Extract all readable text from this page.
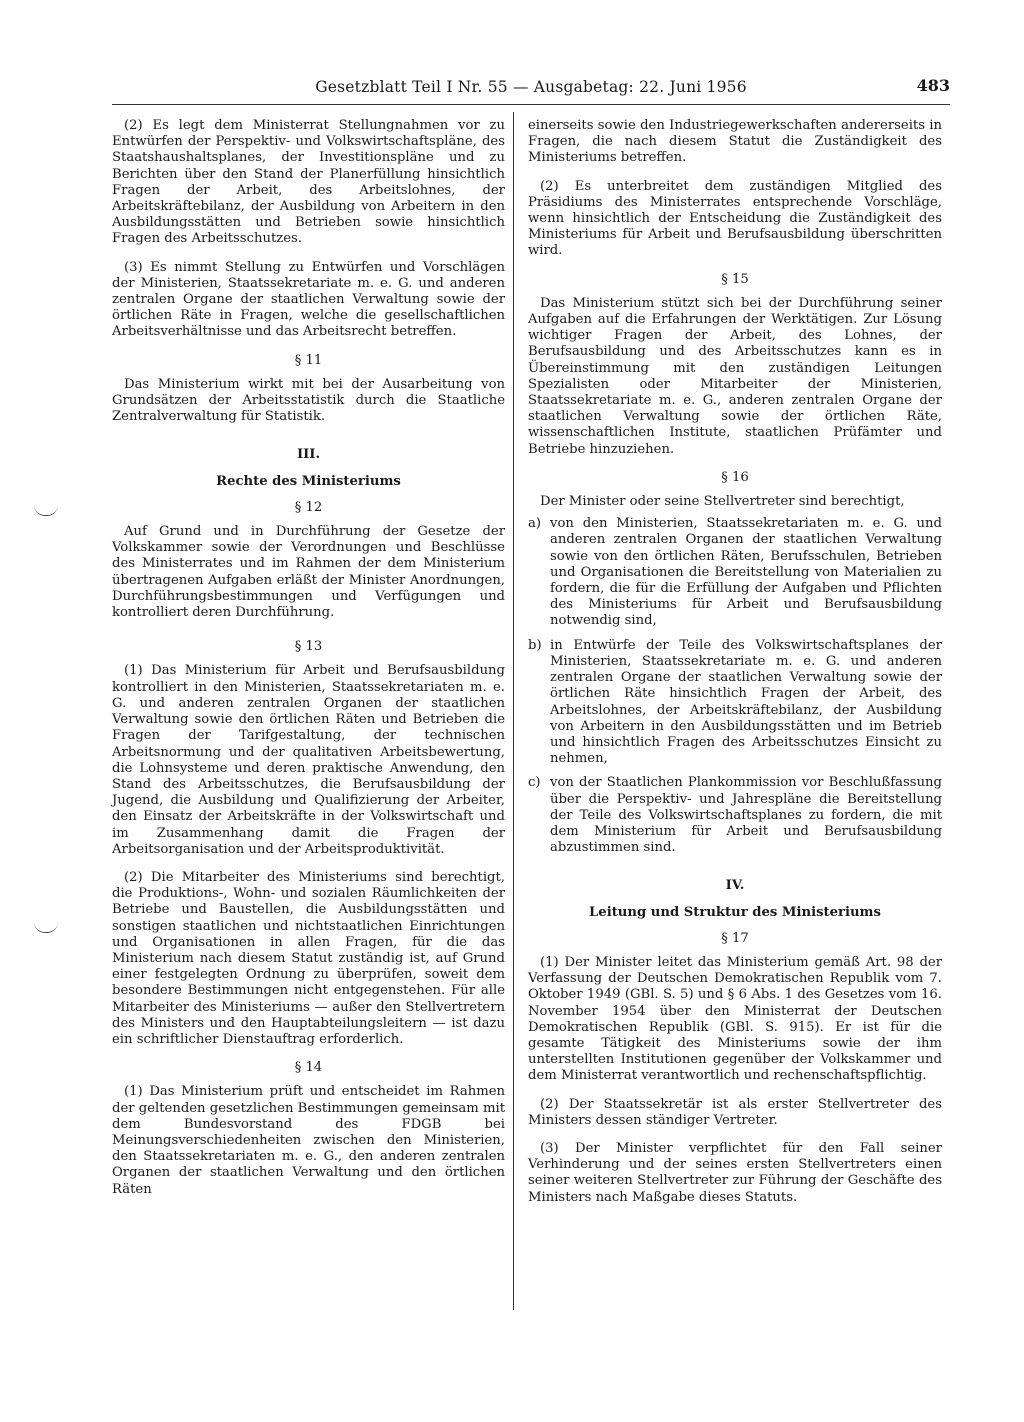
Gesetzblatt Teil I Nr. 55 — Ausgabetag: 22. Juni 1956	483

(2) Es legt dem Ministerrat Stellungnahmen vor zu Entwürfen der Perspektiv- und Volkswirtschaftspläne, des Staatshaushaltsplanes, der Investitionspläne und zu Berichten über den Stand der Planerfüllung hinsichtlich Fragen der Arbeit, des Arbeitslohnes, der Arbeitskräftebilanz, der Ausbildung von Arbeitern in den Ausbildungsstätten und Betrieben sowie hinsichtlich Fragen des Arbeitsschutzes.

(3) Es nimmt Stellung zu Entwürfen und Vorschlägen der Ministerien, Staatssekretariate m. e. G. und anderen zentralen Organe der staatlichen Verwaltung sowie der örtlichen Räte in Fragen, welche die gesellschaftlichen Arbeitsverhältnisse und das Arbeitsrecht betreffen.

§ 11

Das Ministerium wirkt mit bei der Ausarbeitung von Grundsätzen der Arbeitsstatistik durch die Staatliche Zentralverwaltung für Statistik.

III.
Rechte des Ministeriums
§ 12

Auf Grund und in Durchführung der Gesetze der Volkskammer sowie der Verordnungen und Beschlüsse des Ministerrates und im Rahmen der dem Ministerium übertragenen Aufgaben erläßt der Minister Anordnungen, Durchführungsbestimmungen und Verfügungen und kontrolliert deren Durchführung.

§ 13

(1) Das Ministerium für Arbeit und Berufsausbildung kontrolliert in den Ministerien, Staatssekretariaten m. e. G. und anderen zentralen Organen der staatlichen Verwaltung sowie den örtlichen Räten und Betrieben die Fragen der Tarifgestaltung, der technischen Arbeitsnormung und der qualitativen Arbeitsbewertung, die Lohnsysteme und deren praktische Anwendung, den Stand des Arbeitsschutzes, die Berufsausbildung der Jugend, die Ausbildung und Qualifizierung der Arbeiter, den Einsatz der Arbeitskräfte in der Volkswirtschaft und im Zusammenhang damit die Fragen der Arbeitsorganisation und der Arbeitsproduktivität.

(2) Die Mitarbeiter des Ministeriums sind berechtigt, die Produktions-, Wohn- und sozialen Räumlichkeiten der Betriebe und Baustellen, die Ausbildungsstätten und sonstigen staatlichen und nichtstaatlichen Einrichtungen und Organisationen in allen Fragen, für die das Ministerium nach diesem Statut zuständig ist, auf Grund einer festgelegten Ordnung zu überprüfen, soweit dem besondere Bestimmungen nicht entgegenstehen. Für alle Mitarbeiter des Ministeriums — außer den Stellvertretern des Ministers und den Hauptabteilungsleitern — ist dazu ein schriftlicher Dienstauftrag erforderlich.

§ 14

(1) Das Ministerium prüft und entscheidet im Rahmen der geltenden gesetzlichen Bestimmungen gemeinsam mit dem Bundesvorstand des FDGB bei Meinungsverschiedenheiten zwischen den Ministerien, den Staatssekretariaten m. e. G., den anderen zentralen Organen der staatlichen Verwaltung und den örtlichen Räten

einerseits sowie den Industriegewerkschaften andererseits in Fragen, die nach diesem Statut die Zuständigkeit des Ministeriums betreffen.

(2) Es unterbreitet dem zuständigen Mitglied des Präsidiums des Ministerrates entsprechende Vorschläge, wenn hinsichtlich der Entscheidung die Zuständigkeit des Ministeriums für Arbeit und Berufsausbildung überschritten wird.

§ 15

Das Ministerium stützt sich bei der Durchführung seiner Aufgaben auf die Erfahrungen der Werktätigen. Zur Lösung wichtiger Fragen der Arbeit, des Lohnes, der Berufsausbildung und des Arbeitsschutzes kann es in Übereinstimmung mit den zuständigen Leitungen Spezialisten oder Mitarbeiter der Ministerien, Staatssekretariate m. e. G., anderen zentralen Organe der staatlichen Verwaltung sowie der örtlichen Räte, wissenschaftlichen Institute, staatlichen Prüfämter und Betriebe hinzuziehen.

§ 16

Der Minister oder seine Stellvertreter sind berechtigt,

a) von den Ministerien, Staatssekretariaten m. e. G. und anderen zentralen Organen der staatlichen Verwaltung sowie von den örtlichen Räten, Berufsschulen, Betrieben und Organisationen die Bereitstellung von Materialien zu fordern, die für die Erfüllung der Aufgaben und Pflichten des Ministeriums für Arbeit und Berufsausbildung notwendig sind,
b) in Entwürfe der Teile des Volkswirtschaftsplanes der Ministerien, Staatssekretariate m. e. G. und anderen zentralen Organe der staatlichen Verwaltung sowie der örtlichen Räte hinsichtlich Fragen der Arbeit, des Arbeitslohnes, der Arbeitskräftebilanz, der Ausbildung von Arbeitern in den Ausbildungsstätten und im Betrieb und hinsichtlich Fragen des Arbeitsschutzes Einsicht zu nehmen,
c) von der Staatlichen Plankommission vor Beschlußfassung über die Perspektiv- und Jahrespläne die Bereitstellung der Teile des Volkswirtschaftsplanes zu fordern, die mit dem Ministerium für Arbeit und Berufsausbildung abzustimmen sind.
IV.
Leitung und Struktur des Ministeriums
§ 17

(1) Der Minister leitet das Ministerium gemäß Art. 98 der Verfassung der Deutschen Demokratischen Republik vom 7. Oktober 1949 (GBl. S. 5) und § 6 Abs. 1 des Gesetzes vom 16. November 1954 über den Ministerrat der Deutschen Demokratischen Republik (GBl. S. 915). Er ist für die gesamte Tätigkeit des Ministeriums sowie der ihm unterstellten Institutionen gegenüber der Volkskammer und dem Ministerrat verantwortlich und rechenschaftspflichtig.

(2) Der Staatssekretär ist als erster Stellvertreter des Ministers dessen ständiger Vertreter.

(3) Der Minister verpflichtet für den Fall seiner Verhinderung und der seines ersten Stellvertreters einen seiner weiteren Stellvertreter zur Führung der Geschäfte des Ministers nach Maßgabe dieses Statuts.
